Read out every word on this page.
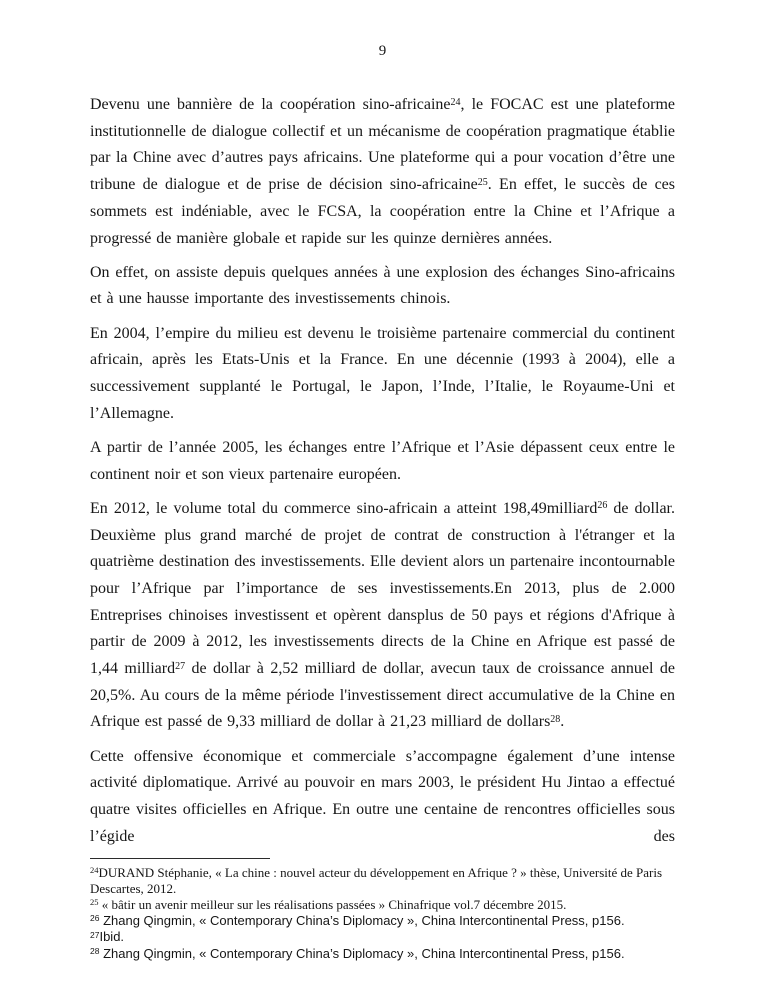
9

Devenu une bannière de la coopération sino-africaine$^{24}$, le FOCAC est une plateforme institutionnelle de dialogue collectif et un mécanisme de coopération pragmatique établie par la Chine avec d’autres pays africains. Une plateforme qui a pour vocation d’être une tribune de dialogue et de prise de décision sino-africaine$^{25}$. En effet, le succès de ces sommets est indéniable, avec le FCSA, la coopération entre la Chine et l’Afrique a progressé de manière globale et rapide sur les quinze dernières années.

On effet, on assiste depuis quelques années à une explosion des échanges Sino-africains et à une hausse importante des investissements chinois.

En 2004, l’empire du milieu est devenu le troisième partenaire commercial du continent africain, après les Etats-Unis et la France. En une décennie (1993 à 2004), elle a successivement supplanté le Portugal, le Japon, l’Inde, l’Italie, le Royaume-Uni et l’Allemagne.

A partir de l’année 2005, les échanges entre l’Afrique et l’Asie dépassent ceux entre le continent noir et son vieux partenaire européen.

En 2012, le volume total du commerce sino-africain a atteint 198,49milliard$^{26}$ de dollar. Deuxième plus grand marché de projet de contrat de construction à l'étranger et la quatrième destination des investissements. Elle devient alors un partenaire incontournable pour l’Afrique par l’importance de ses investissements.En 2013, plus de 2.000 Entreprises chinoises investissent et opèrent dansplus de 50 pays et régions d'Afrique à partir de 2009 à 2012, les investissements directs de la Chine en Afrique est passé de 1,44 milliard$^{27}$ de dollar à 2,52 milliard de dollar, avecun taux de croissance annuel de 20,5%. Au cours de la même période l'investissement direct accumulative de la Chine en Afrique est passé de 9,33 milliard de dollar à 21,23 milliard de dollars$^{28}$.

Cette offensive économique et commerciale s’accompagne également d’une intense activité diplomatique. Arrivé au pouvoir en mars 2003, le président Hu Jintao a effectué quatre visites officielles en Afrique. En outre une centaine de rencontres officielles sous l’égide des

$^{24}$DURAND Stéphanie, « La chine : nouvel acteur du développement en Afrique ? » thèse, Université de Paris Descartes, 2012.
$^{25}$ « bâtir un avenir meilleur sur les réalisations passées » Chinafrique vol.7 décembre 2015.
$^{26}$ Zhang Qingmin, « Contemporary China’s Diplomacy », China Intercontinental Press, p156.
$^{27}$Ibid.
$^{28}$ Zhang Qingmin, « Contemporary China’s Diplomacy », China Intercontinental Press, p156.
